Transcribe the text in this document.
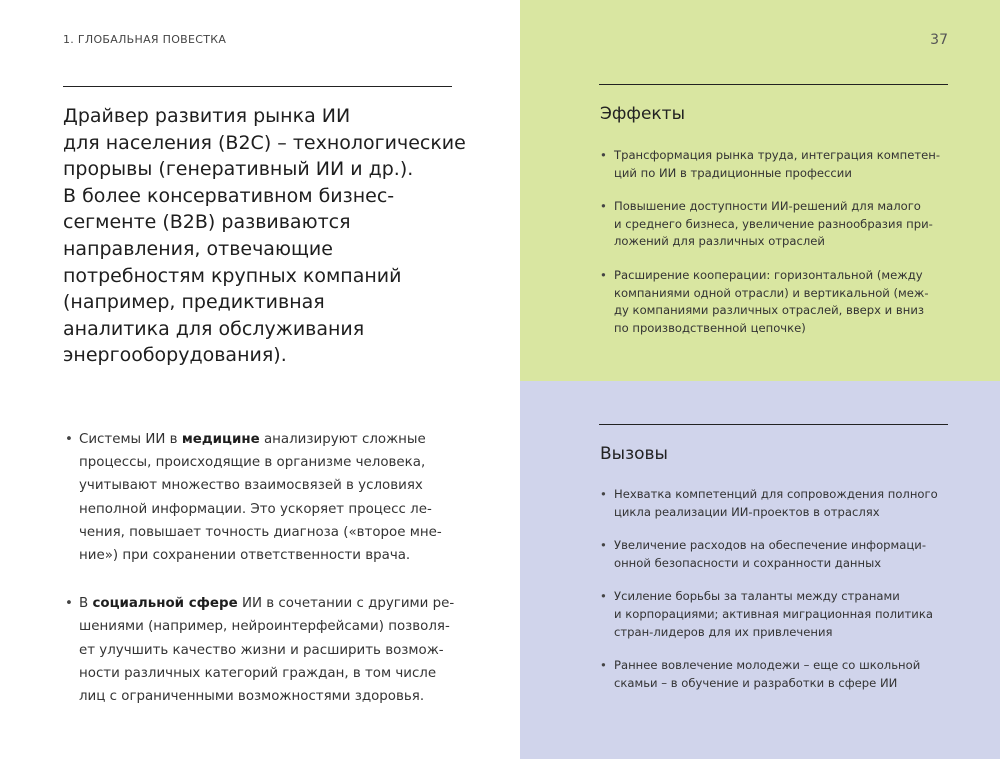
1. ГЛОБАЛЬНАЯ ПОВЕСТКА	37
Драйвер развития рынка ИИ
для населения (B2C) – технологические
прорывы (генеративный ИИ и др.).
В более консервативном бизнес-
сегменте (B2B) развиваются
направления, отвечающие
потребностям крупных компаний
(например, предиктивная
аналитика для обслуживания
энергооборудования).
• Системы ИИ в медицине анализируют сложные
процессы, происходящие в организме человека,
учитывают множество взаимосвязей в условиях
неполной информации. Это ускоряет процесс ле-
чения, повышает точность диагноза («второе мне-
ние») при сохранении ответственности врача.
• В социальной сфере ИИ в сочетании с другими ре-
шениями (например, нейроинтерфейсами) позволя-
ет улучшить качество жизни и расширить возмож-
ности различных категорий граждан, в том числе
лиц с ограниченными возможностями здоровья.
Эффекты
• Трансформация рынка труда, интеграция компетен-
ций по ИИ в традиционные профессии
• Повышение доступности ИИ-решений для малого
и среднего бизнеса, увеличение разнообразия при-
ложений для различных отраслей
• Расширение кооперации: горизонтальной (между
компаниями одной отрасли) и вертикальной (меж-
ду компаниями различных отраслей, вверх и вниз
по производственной цепочке)
Вызовы
• Нехватка компетенций для сопровождения полного
цикла реализации ИИ-проектов в отраслях
• Увеличение расходов на обеспечение информаци-
онной безопасности и сохранности данных
• Усиление борьбы за таланты между странами
и корпорациями; активная миграционная политика
стран-лидеров для их привлечения
• Раннее вовлечение молодежи – еще со школьной
скамьи – в обучение и разработки в сфере ИИ
